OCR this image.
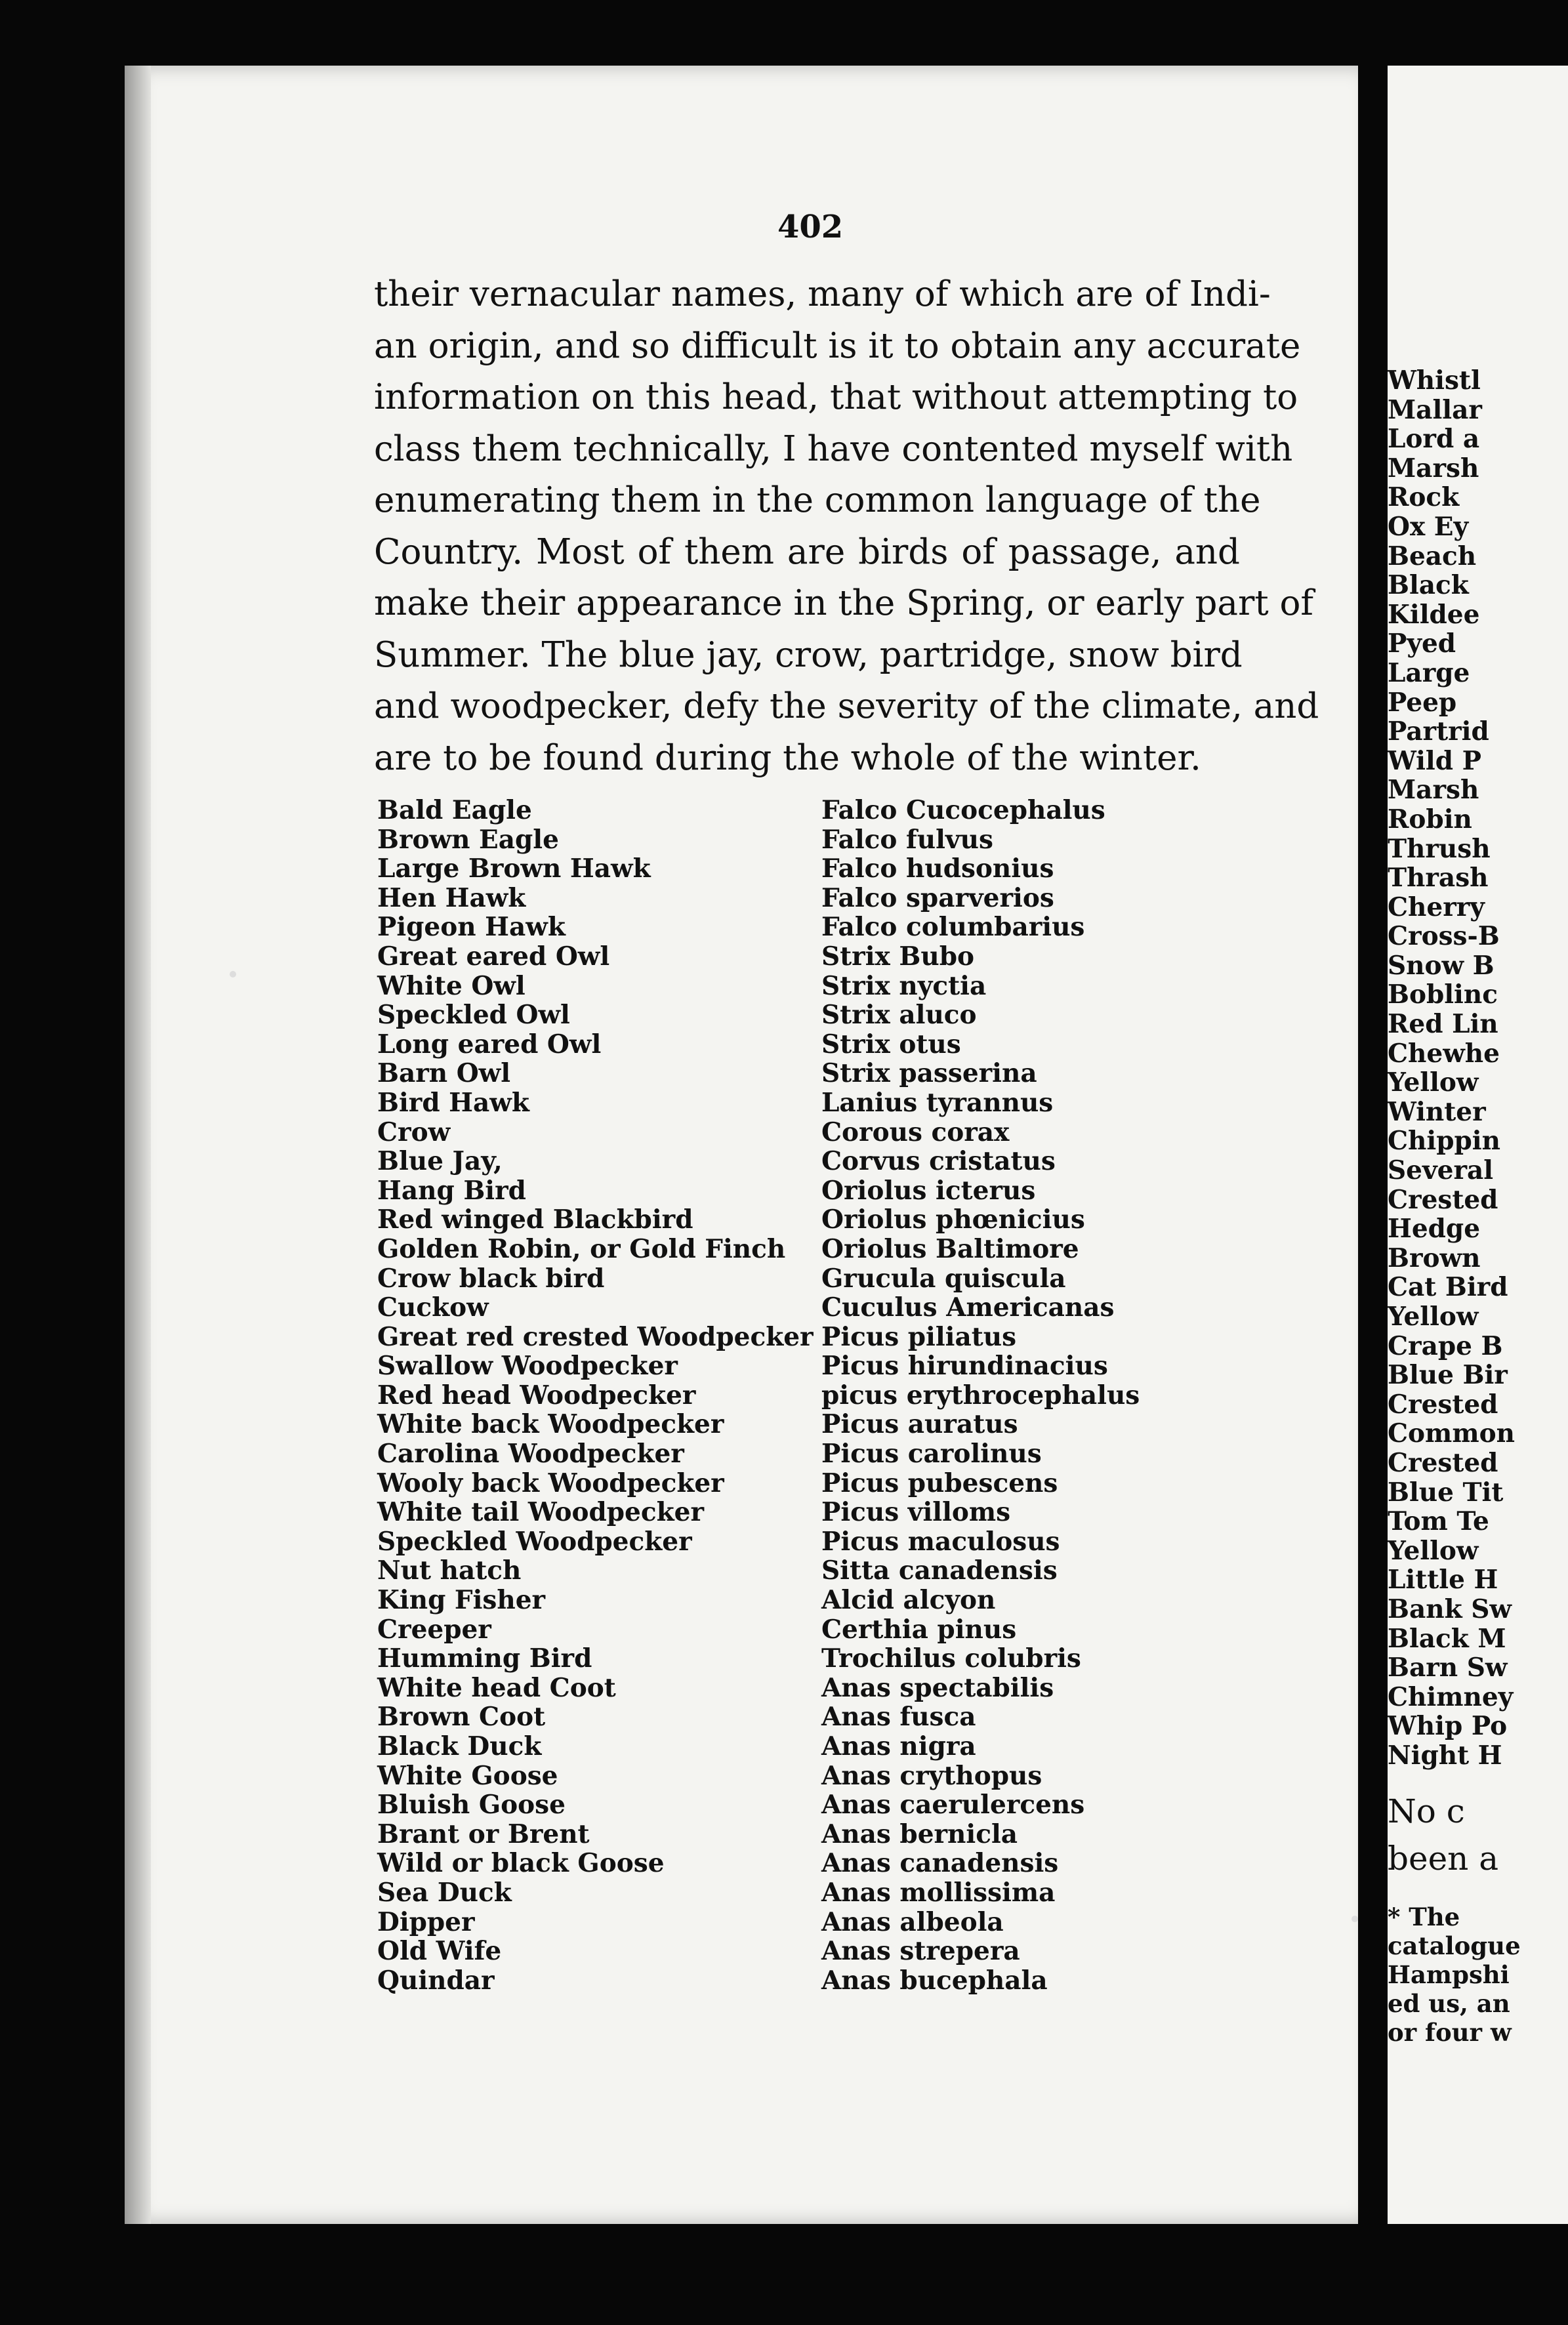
402
their vernacular names, many of which are of Indi-
an origin, and so difficult is it to obtain any accurate
information on this head, that without attempting to
class them technically, I have contented myself with
enumerating them in the common language of the
Country. Most of them are birds of passage, and
make their appearance in the Spring, or early part of
Summer. The blue jay, crow, partridge, snow bird
and woodpecker, defy the severity of the climate, and
are to be found during the whole of the winter.
Bald Eagle
Brown Eagle
Large Brown Hawk
Hen Hawk
Pigeon Hawk
Great eared Owl
White Owl
Speckled Owl
Long eared Owl
Barn Owl
Bird Hawk
Crow
Blue Jay,
Hang Bird
Red winged Blackbird
Golden Robin, or Gold Finch
Crow black bird
Cuckow
Great red crested Woodpecker
Swallow Woodpecker
Red head Woodpecker
White back Woodpecker
Carolina Woodpecker
Wooly back Woodpecker
White tail Woodpecker
Speckled Woodpecker
Nut hatch
King Fisher
Creeper
Humming Bird
White head Coot
Brown Coot
Black Duck
White Goose
Bluish Goose
Brant or Brent
Wild or black Goose
Sea Duck
Dipper
Old Wife
Quindar
Falco Cucocephalus
Falco fulvus
Falco hudsonius
Falco sparverios
Falco columbarius
Strix Bubo
Strix nyctia
Strix aluco
Strix otus
Strix passerina
Lanius tyrannus
Corous corax
Corvus cristatus
Oriolus icterus
Oriolus phœnicius
Oriolus Baltimore
Grucula quiscula
Cuculus Americanas
Picus piliatus
Picus hirundinacius
picus erythrocephalus
Picus auratus
Picus carolinus
Picus pubescens
Picus villoms
Picus maculosus
Sitta canadensis
Alcid alcyon
Certhia pinus
Trochilus colubris
Anas spectabilis
Anas fusca
Anas nigra
Anas crythopus
Anas caerulercens
Anas bernicla
Anas canadensis
Anas mollissima
Anas albeola
Anas strepera
Anas bucephala
Whistl
Mallar
Lord a
Marsh
Rock
Ox Ey
Beach
Black
Kildee
Pyed
Large
Peep
Partrid
Wild P
Marsh
Robin
Thrush
Thrash
Cherry
Cross-B
Snow B
Boblinc
Red Lin
Chewhe
Yellow
Winter
Chippin
Several
Crested
Hedge
Brown
Cat Bird
Yellow
Crape B
Blue Bir
Crested
Common
Crested
Blue Tit
Tom Te
Yellow
Little H
Bank Sw
Black M
Barn Sw
Chimney
Whip Po
Night H
No c
been a
* The
catalogue
Hampshi
ed us, an
or four w
